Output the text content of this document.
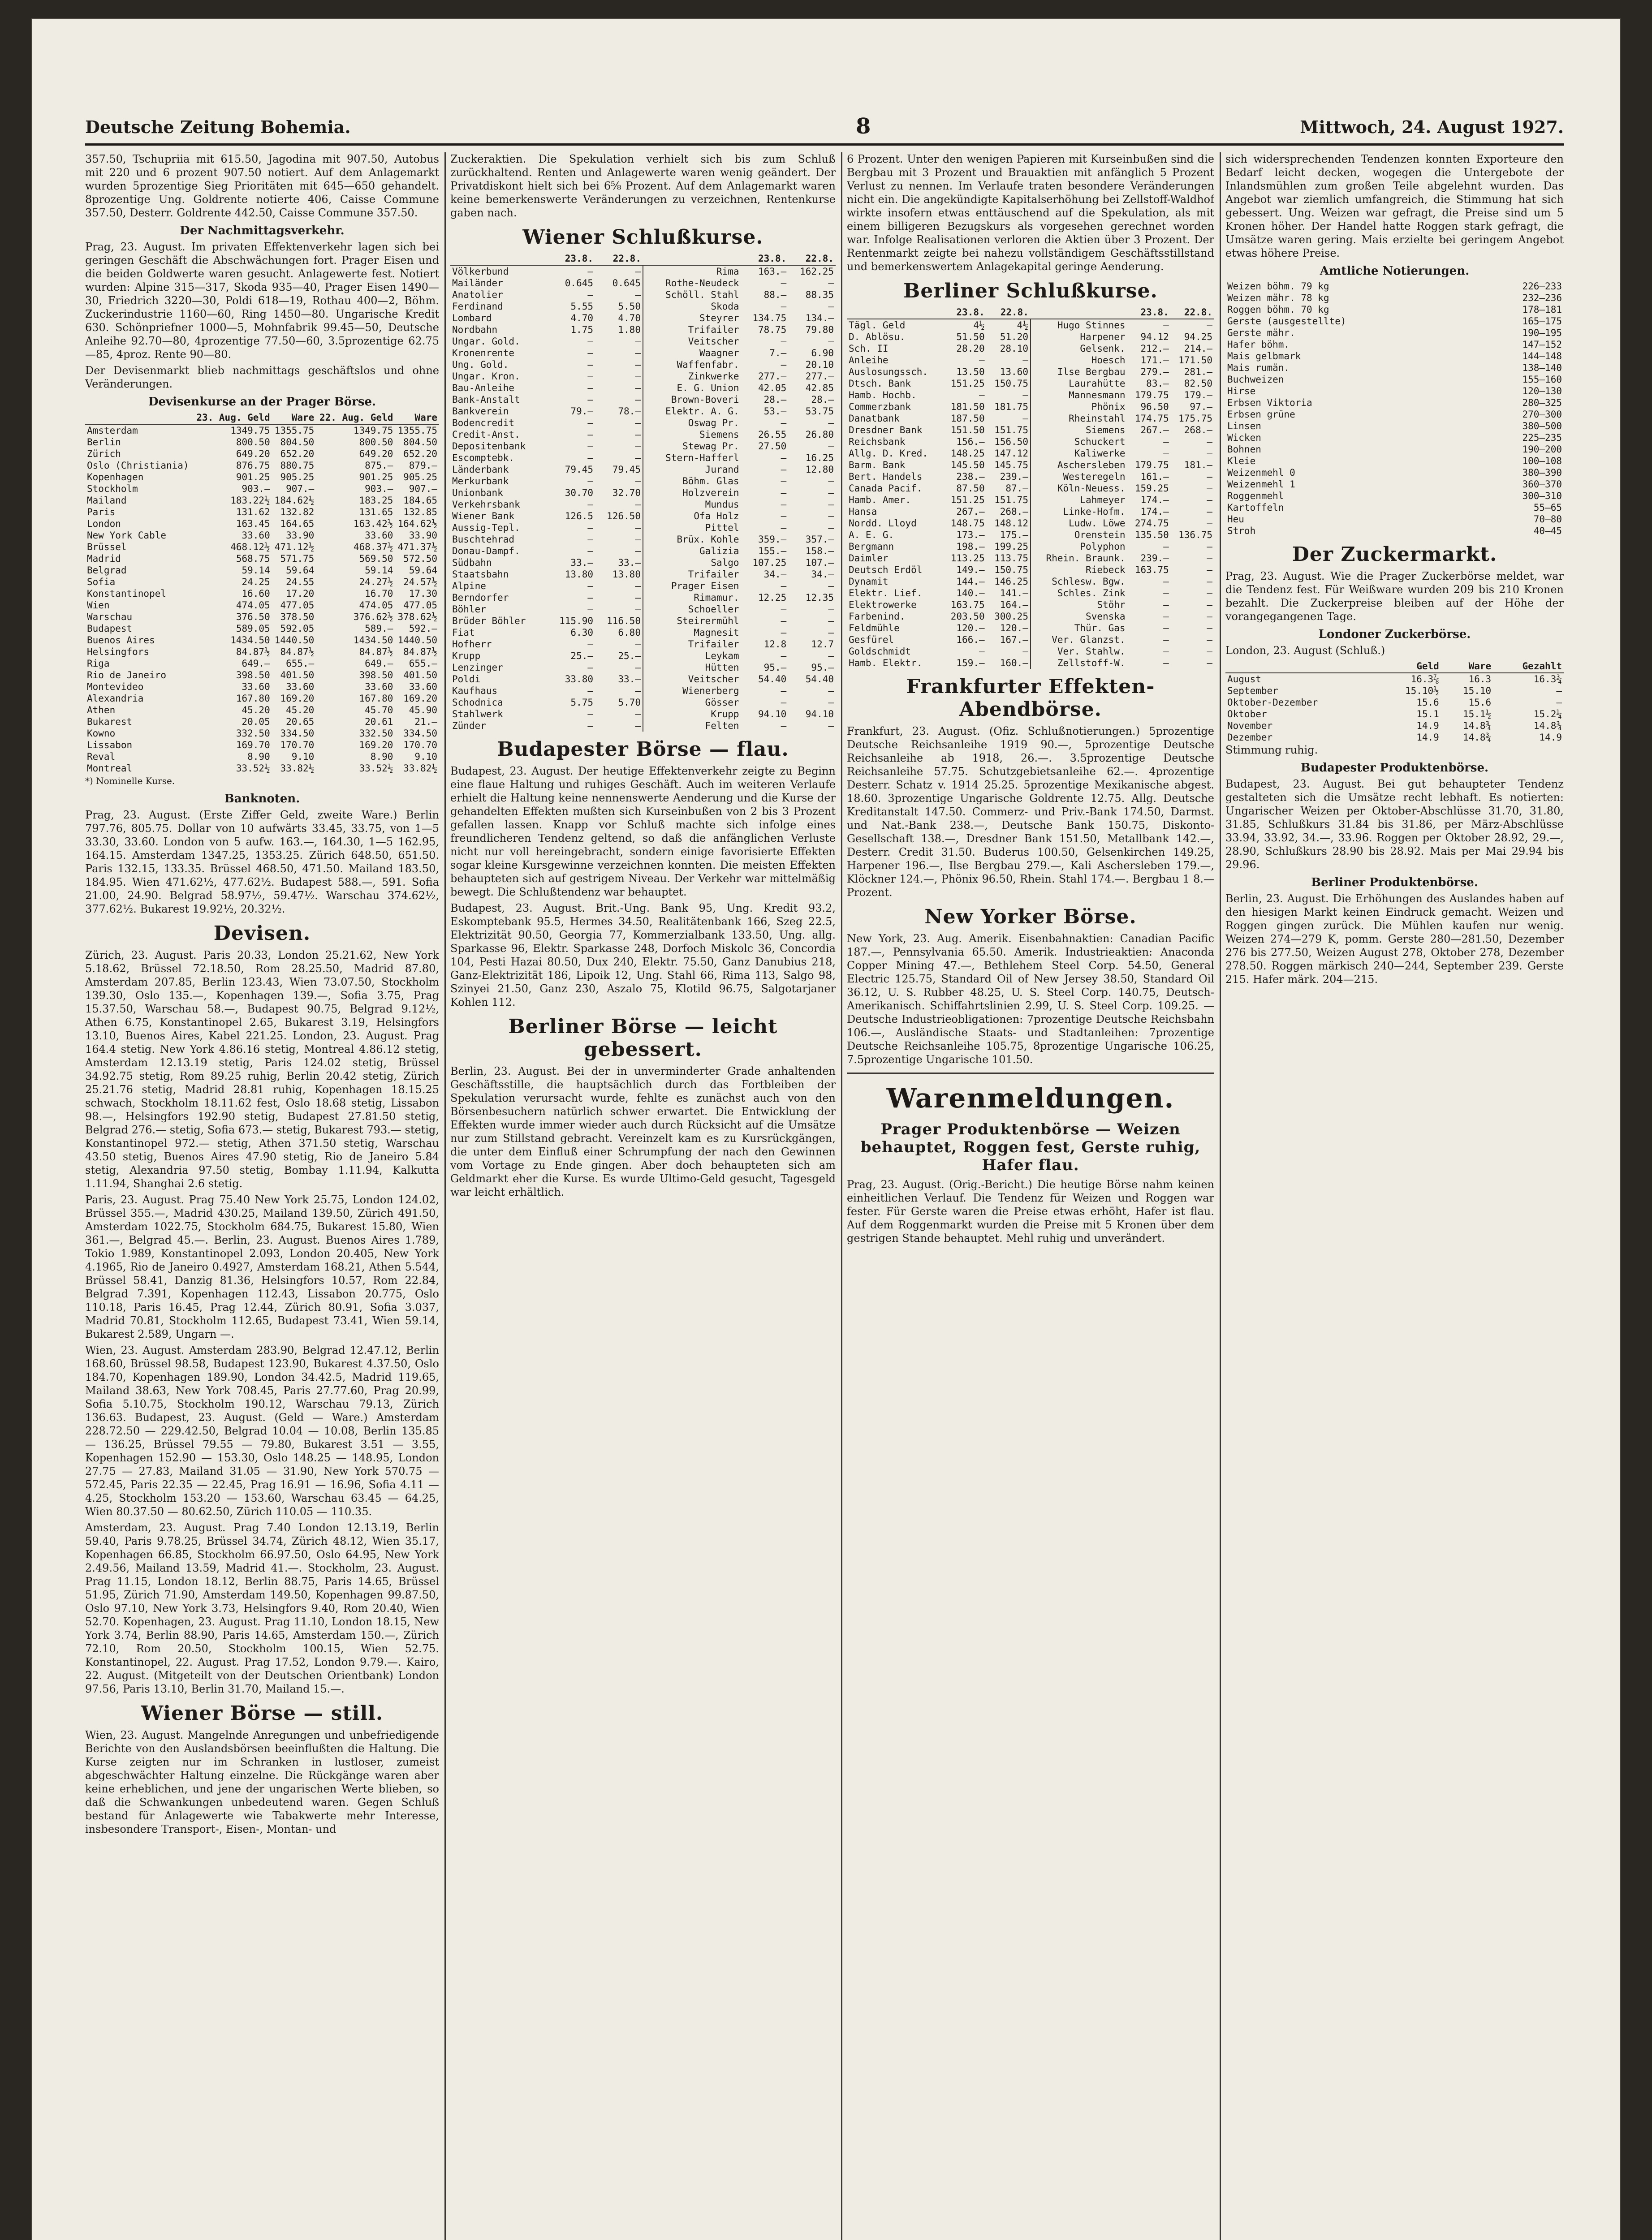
Deutsche Zeitung Bohemia.	8	Mittwoch, 24. August 1927.

357.50, Tschupriia mit 615.50, Jagodina mit 907.50, Autobus mit 220 und 6 prozent 907.50 notiert. Auf dem Anlagemarkt wurden 5prozentige Sieg Prioritäten mit 645—650 gehandelt. 8prozentige Ung. Goldrente notierte 406, Caisse Commune 357.50, Desterr. Goldrente 442.50, Caisse Commune 357.50.

Der Nachmittagsverkehr.

Prag, 23. August. Im privaten Effektenverkehr lagen sich bei geringen Geschäft die Abschwächungen fort. Prager Eisen und die beiden Goldwerte waren gesucht. Anlagewerte fest. Notiert wurden: Alpine 315—317, Skoda 935—40, Prager Eisen 1490—30, Friedrich 3220—30, Poldi 618—19, Rothau 400—2, Böhm. Zuckerindustrie 1160—60, Ring 1450—80. Ungarische Kredit 630. Schönpriefner 1000—5, Mohnfabrik 99.45—50, Deutsche Anleihe 92.70—80, 4prozentige 77.50—60, 3.5prozentige 62.75—85, 4proz. Rente 90—80.

Der Devisenmarkt blieb nachmittags geschäftslos und ohne Veränderungen.

Devisenkurse an der Prager Börse.
	23. Aug. Geld	Ware	22. Aug. Geld	Ware
Amsterdam	1349.75	1355.75	1349.75	1355.75
Berlin	800.50	804.50	800.50	804.50
Zürich	649.20	652.20	649.20	652.20
Oslo (Christiania)	876.75	880.75	875.—	879.—
Kopenhagen	901.25	905.25	901.25	905.25
Stockholm	903.—	907.—	903.—	907.—
Mailand	183.22½	184.62½	183.25	184.65
Paris	131.62	132.82	131.65	132.85
London	163.45	164.65	163.42½	164.62½
New York Cable	33.60	33.90	33.60	33.90
Brüssel	468.12½	471.12½	468.37½	471.37½
Madrid	568.75	571.75	569.50	572.50
Belgrad	59.14	59.64	59.14	59.64
Sofia	24.25	24.55	24.27½	24.57½
Konstantinopel	16.60	17.20	16.70	17.30
Wien	474.05	477.05	474.05	477.05
Warschau	376.50	378.50	376.62½	378.62½
Budapest	589.05	592.05	589.—	592.—
Buenos Aires	1434.50	1440.50	1434.50	1440.50
Helsingfors	84.87½	84.87½	84.87½	84.87½
Riga	649.—	655.—	649.—	655.—
Rio de Janeiro	398.50	401.50	398.50	401.50
Montevideo	33.60	33.60	33.60	33.60
Alexandria	167.80	169.20	167.80	169.20
Athen	45.20	45.20	45.70	45.90
Bukarest	20.05	20.65	20.61	21.—
Kowno	332.50	334.50	332.50	334.50
Lissabon	169.70	170.70	169.20	170.70
Reval	8.90	9.10	8.90	9.10
Montreal	33.52½	33.82½	33.52½	33.82½

*) Nominelle Kurse.

Banknoten.

Prag, 23. August. (Erste Ziffer Geld, zweite Ware.) Berlin 797.76, 805.75. Dollar von 10 aufwärts 33.45, 33.75, von 1—5 33.30, 33.60. London von 5 aufw. 163.—, 164.30, 1—5 162.95, 164.15. Amsterdam 1347.25, 1353.25. Zürich 648.50, 651.50. Paris 132.15, 133.35. Brüssel 468.50, 471.50. Mailand 183.50, 184.95. Wien 471.62½, 477.62½. Budapest 588.—, 591. Sofia 21.00, 24.90. Belgrad 58.97½, 59.47½. Warschau 374.62½, 377.62½. Bukarest 19.92½, 20.32½.

Devisen.

Zürich, 23. August. Paris 20.33, London 25.21.62, New York 5.18.62, Brüssel 72.18.50, Rom 28.25.50, Madrid 87.80, Amsterdam 207.85, Berlin 123.43, Wien 73.07.50, Stockholm 139.30, Oslo 135.—, Kopenhagen 139.—, Sofia 3.75, Prag 15.37.50, Warschau 58.—, Budapest 90.75, Belgrad 9.12½, Athen 6.75, Konstantinopel 2.65, Bukarest 3.19, Helsingfors 13.10, Buenos Aires, Kabel 221.25. London, 23. August. Prag 164.4 stetig. New York 4.86.16 stetig, Montreal 4.86.12 stetig, Amsterdam 12.13.19 stetig, Paris 124.02 stetig, Brüssel 34.92.75 stetig, Rom 89.25 ruhig, Berlin 20.42 stetig, Zürich 25.21.76 stetig, Madrid 28.81 ruhig, Kopenhagen 18.15.25 schwach, Stockholm 18.11.62 fest, Oslo 18.68 stetig, Lissabon 98.—, Helsingfors 192.90 stetig, Budapest 27.81.50 stetig, Belgrad 276.— stetig, Sofia 673.— stetig, Bukarest 793.— stetig, Konstantinopel 972.— stetig, Athen 371.50 stetig, Warschau 43.50 stetig, Buenos Aires 47.90 stetig, Rio de Janeiro 5.84 stetig, Alexandria 97.50 stetig, Bombay 1.11.94, Kalkutta 1.11.94, Shanghai 2.6 stetig.

Paris, 23. August. Prag 75.40 New York 25.75, London 124.02, Brüssel 355.—, Madrid 430.25, Mailand 139.50, Zürich 491.50, Amsterdam 1022.75, Stockholm 684.75, Bukarest 15.80, Wien 361.—, Belgrad 45.—. Berlin, 23. August. Buenos Aires 1.789, Tokio 1.989, Konstantinopel 2.093, London 20.405, New York 4.1965, Rio de Janeiro 0.4927, Amsterdam 168.21, Athen 5.544, Brüssel 58.41, Danzig 81.36, Helsingfors 10.57, Rom 22.84, Belgrad 7.391, Kopenhagen 112.43, Lissabon 20.775, Oslo 110.18, Paris 16.45, Prag 12.44, Zürich 80.91, Sofia 3.037, Madrid 70.81, Stockholm 112.65, Budapest 73.41, Wien 59.14, Bukarest 2.589, Ungarn —.

Wien, 23. August. Amsterdam 283.90, Belgrad 12.47.12, Berlin 168.60, Brüssel 98.58, Budapest 123.90, Bukarest 4.37.50, Oslo 184.70, Kopenhagen 189.90, London 34.42.5, Madrid 119.65, Mailand 38.63, New York 708.45, Paris 27.77.60, Prag 20.99, Sofia 5.10.75, Stockholm 190.12, Warschau 79.13, Zürich 136.63. Budapest, 23. August. (Geld — Ware.) Amsterdam 228.72.50 — 229.42.50, Belgrad 10.04 — 10.08, Berlin 135.85 — 136.25, Brüssel 79.55 — 79.80, Bukarest 3.51 — 3.55, Kopenhagen 152.90 — 153.30, Oslo 148.25 — 148.95, London 27.75 — 27.83, Mailand 31.05 — 31.90, New York 570.75 — 572.45, Paris 22.35 — 22.45, Prag 16.91 — 16.96, Sofia 4.11 — 4.25, Stockholm 153.20 — 153.60, Warschau 63.45 — 64.25, Wien 80.37.50 — 80.62.50, Zürich 110.05 — 110.35.

Amsterdam, 23. August. Prag 7.40 London 12.13.19, Berlin 59.40, Paris 9.78.25, Brüssel 34.74, Zürich 48.12, Wien 35.17, Kopenhagen 66.85, Stockholm 66.97.50, Oslo 64.95, New York 2.49.56, Mailand 13.59, Madrid 41.—. Stockholm, 23. August. Prag 11.15, London 18.12, Berlin 88.75, Paris 14.65, Brüssel 51.95, Zürich 71.90, Amsterdam 149.50, Kopenhagen 99.87.50, Oslo 97.10, New York 3.73, Helsingfors 9.40, Rom 20.40, Wien 52.70. Kopenhagen, 23. August. Prag 11.10, London 18.15, New York 3.74, Berlin 88.90, Paris 14.65, Amsterdam 150.—, Zürich 72.10, Rom 20.50, Stockholm 100.15, Wien 52.75. Konstantinopel, 22. August. Prag 17.52, London 9.79.—. Kairo, 22. August. (Mitgeteilt von der Deutschen Orientbank) London 97.56, Paris 13.10, Berlin 31.70, Mailand 15.—.

Wiener Börse — still.

Wien, 23. August. Mangelnde Anregungen und unbefriedigende Berichte von den Auslandsbörsen beeinflußten die Haltung. Die Kurse zeigten nur im Schranken in lustloser, zumeist abgeschwächter Haltung einzelne. Die Rückgänge waren aber keine erheblichen, und jene der ungarischen Werte blieben, so daß die Schwankungen unbedeutend waren. Gegen Schluß bestand für Anlagewerte wie Tabakwerte mehr Interesse, insbesondere Transport-, Eisen-, Montan- und

Zuckeraktien. Die Spekulation verhielt sich bis zum Schluß zurückhaltend. Renten und Anlagewerte waren wenig geändert. Der Privatdiskont hielt sich bei 6⅝ Prozent. Auf dem Anlagemarkt waren keine bemerkenswerte Veränderungen zu verzeichnen, Rentenkurse gaben nach.

Wiener Schlußkurse.
	23.8.	22.8.		23.8.	22.8.
Völkerbund	—	—	Rima	163.—	162.25
Mailänder	0.645	0.645	Rothe-Neudeck	—	—
Anatolier	—	—	Schöll. Stahl	88.—	88.35
Ferdinand	5.55	5.50	Skoda	—	—
Lombard	4.70	4.70	Steyrer	134.75	134.—
Nordbahn	1.75	1.80	Trifailer	78.75	79.80
Ungar. Gold.	—	—	Veitscher	—	—
Kronenrente	—	—	Waagner	7.—	6.90
Ung. Gold.	—	—	Waffenfabr.	—	20.10
Ungar. Kron.	—	—	Zinkwerke	277.—	277.—
Bau-Anleihe	—	—	E. G. Union	42.05	42.85
Bank-Anstalt	—	—	Brown-Boveri	28.—	28.—
Bankverein	79.—	78.—	Elektr. A. G.	53.—	53.75
Bodencredit	—	—	Oswag Pr.	—	—
Credit-Anst.	—	—	Siemens	26.55	26.80
Depositenbank	—	—	Stewag Pr.	27.50	—
Escomptebk.	—	—	Stern-Hafferl	—	16.25
Länderbank	79.45	79.45	Jurand	—	12.80
Merkurbank	—	—	Böhm. Glas	—	—
Unionbank	30.70	32.70	Holzverein	—	—
Verkehrsbank	—	—	Mundus	—	—
Wiener Bank	126.5	126.50	Ofa Holz	—	—
Aussig-Tepl.	—	—	Pittel	—	—
Buschtehrad	—	—	Brüx. Kohle	359.—	357.—
Donau-Dampf.	—	—	Galizia	155.—	158.—
Südbahn	33.—	33.—	Salgo	107.25	107.—
Staatsbahn	13.80	13.80	Trifailer	34.—	34.—
Alpine	—	—	Prager Eisen	—	—
Berndorfer	—	—	Rimamur.	12.25	12.35
Böhler	—	—	Schoeller	—	—
Brüder Böhler	115.90	116.50	Steirermühl	—	—
Fiat	6.30	6.80	Magnesit	—	—
Hofherr	—	—	Trifailer	12.8	12.7
Krupp	25.—	25.—	Leykam	—	—
Lenzinger	—	—	Hütten	95.—	95.—
Poldi	33.80	33.—	Veitscher	54.40	54.40
Kaufhaus	—	—	Wienerberg	—	—
Schodnica	5.75	5.70	Gösser	—	—
Stahlwerk	—	—	Krupp	94.10	94.10
Zünder	—	—	Felten	—	—
Budapester Börse — flau.

Budapest, 23. August. Der heutige Effektenverkehr zeigte zu Beginn eine flaue Haltung und ruhiges Geschäft. Auch im weiteren Verlaufe erhielt die Haltung keine nennenswerte Aenderung und die Kurse der gehandelten Effekten mußten sich Kurseinbußen von 2 bis 3 Prozent gefallen lassen. Knapp vor Schluß machte sich infolge eines freundlicheren Tendenz geltend, so daß die anfänglichen Verluste nicht nur voll hereingebracht, sondern einige favorisierte Effekten sogar kleine Kursgewinne verzeichnen konnten. Die meisten Effekten behaupteten sich auf gestrigem Niveau. Der Verkehr war mittelmäßig bewegt. Die Schlußtendenz war behauptet.

Budapest, 23. August. Brit.-Ung. Bank 95, Ung. Kredit 93.2, Eskomptebank 95.5, Hermes 34.50, Realitätenbank 166, Szeg 22.5, Elektrizität 90.50, Georgia 77, Kommerzialbank 133.50, Ung. allg. Sparkasse 96, Elektr. Sparkasse 248, Dorfoch Miskolc 36, Concordia 104, Pesti Hazai 80.50, Dux 240, Elektr. 75.50, Ganz Danubius 218, Ganz-Elektrizität 186, Lipoik 12, Ung. Stahl 66, Rima 113, Salgo 98, Szinyei 21.50, Ganz 230, Aszalo 75, Klotild 96.75, Salgotarjaner Kohlen 112.

Berliner Börse — leicht gebessert.

Berlin, 23. August. Bei der in unverminderter Grade anhaltenden Geschäftsstille, die hauptsächlich durch das Fortbleiben der Spekulation verursacht wurde, fehlte es zunächst auch von den Börsenbesuchern natürlich schwer erwartet. Die Entwicklung der Effekten wurde immer wieder auch durch Rücksicht auf die Umsätze nur zum Stillstand gebracht. Vereinzelt kam es zu Kursrückgängen, die unter dem Einfluß einer Schrumpfung der nach den Gewinnen vom Vortage zu Ende gingen. Aber doch behaupteten sich am Geldmarkt eher die Kurse. Es wurde Ultimo-Geld gesucht, Tagesgeld war leicht erhältlich.

6 Prozent. Unter den wenigen Papieren mit Kurseinbußen sind die Bergbau mit 3 Prozent und Brauaktien mit anfänglich 5 Prozent Verlust zu nennen. Im Verlaufe traten besondere Veränderungen nicht ein. Die angekündigte Kapitalserhöhung bei Zellstoff-Waldhof wirkte insofern etwas enttäuschend auf die Spekulation, als mit einem billigeren Bezugskurs als vorgesehen gerechnet worden war. Infolge Realisationen verloren die Aktien über 3 Prozent. Der Rentenmarkt zeigte bei nahezu vollständigem Geschäftsstillstand und bemerkenswertem Anlagekapital geringe Aenderung.

Berliner Schlußkurse.
	23.8.	22.8.		23.8.	22.8.
Tägl. Geld	4½	4½	Hugo Stinnes	—	—
D. Ablösu.	51.50	51.20	Harpener	94.12	94.25
Sch. II	28.20	28.10	Gelsenk.	212.—	214.—
Anleihe	—	—	Hoesch	171.—	171.50
Auslosungssch.	13.50	13.60	Ilse Bergbau	279.—	281.—
Dtsch. Bank	151.25	150.75	Laurahütte	83.—	82.50
Hamb. Hochb.	—	—	Mannesmann	179.75	179.—
Commerzbank	181.50	181.75	Phönix	96.50	97.—
Danatbank	187.50	—	Rheinstahl	174.75	175.75
Dresdner Bank	151.50	151.75	Siemens	267.—	268.—
Reichsbank	156.—	156.50	Schuckert	—	—
Allg. D. Kred.	148.25	147.12	Kaliwerke	—	—
Barm. Bank	145.50	145.75	Aschersleben	179.75	181.—
Bert. Handels	238.—	239.—	Westeregeln	161.—	—
Canada Pacif.	87.50	87.—	Köln-Neuess.	159.25	—
Hamb. Amer.	151.25	151.75	Lahmeyer	174.—	—
Hansa	267.—	268.—	Linke-Hofm.	174.—	—
Nordd. Lloyd	148.75	148.12	Ludw. Löwe	274.75	—
A. E. G.	173.—	175.—	Orenstein	135.50	136.75
Bergmann	198.—	199.25	Polyphon	—	—
Daimler	113.25	113.75	Rhein. Braunk.	239.—	—
Deutsch Erdöl	149.—	150.75	Riebeck	163.75	—
Dynamit	144.—	146.25	Schlesw. Bgw.	—	—
Elektr. Lief.	140.—	141.—	Schles. Zink	—	—
Elektrowerke	163.75	164.—	Stöhr	—	—
Farbenind.	203.50	300.25	Svenska	—	—
Feldmühle	120.—	120.—	Thür. Gas	—	—
Gesfürel	166.—	167.—	Ver. Glanzst.	—	—
Goldschmidt	—	—	Ver. Stahlw.	—	—
Hamb. Elektr.	159.—	160.—	Zellstoff-W.	—	—
Frankfurter Effekten-Abendbörse.

Frankfurt, 23. August. (Ofiz. Schlußnotierungen.) 5prozentige Deutsche Reichsanleihe 1919 90.—, 5prozentige Deutsche Reichsanleihe ab 1918, 26.—. 3.5prozentige Deutsche Reichsanleihe 57.75. Schutzgebietsanleihe 62.—. 4prozentige Desterr. Schatz v. 1914 25.25. 5prozentige Mexikanische abgest. 18.60. 3prozentige Ungarische Goldrente 12.75. Allg. Deutsche Kreditanstalt 147.50. Commerz- und Priv.-Bank 174.50, Darmst. und Nat.-Bank 238.—, Deutsche Bank 150.75, Diskonto-Gesellschaft 138.—, Dresdner Bank 151.50, Metallbank 142.—, Desterr. Credit 31.50. Buderus 100.50, Gelsenkirchen 149.25, Harpener 196.—, Ilse Bergbau 279.—, Kali Aschersleben 179.—, Klöckner 124.—, Phönix 96.50, Rhein. Stahl 174.—. Bergbau 1 8.— Prozent.

New Yorker Börse.

New York, 23. Aug. Amerik. Eisenbahnaktien: Canadian Pacific 187.—, Pennsylvania 65.50. Amerik. Industrieaktien: Anaconda Copper Mining 47.—, Bethlehem Steel Corp. 54.50, General Electric 125.75, Standard Oil of New Jersey 38.50, Standard Oil 36.12, U. S. Rubber 48.25, U. S. Steel Corp. 140.75, Deutsch-Amerikanisch. Schiffahrtslinien 2.99, U. S. Steel Corp. 109.25. — Deutsche Industrieobligationen: 7prozentige Deutsche Reichsbahn 106.—, Ausländische Staats- und Stadtanleihen: 7prozentige Deutsche Reichsanleihe 105.75, 8prozentige Ungarische 106.25, 7.5prozentige Ungarische 101.50.

Warenmeldungen.
Prager Produktenbörse — Weizen behauptet, Roggen fest, Gerste ruhig, Hafer flau.

Prag, 23. August. (Orig.-Bericht.) Die heutige Börse nahm keinen einheitlichen Verlauf. Die Tendenz für Weizen und Roggen war fester. Für Gerste waren die Preise etwas erhöht, Hafer ist flau. Auf dem Roggenmarkt wurden die Preise mit 5 Kronen über dem gestrigen Stande behauptet. Mehl ruhig und unverändert.

sich widersprechenden Tendenzen konnten Exporteure den Bedarf leicht decken, wogegen die Untergebote der Inlandsmühlen zum großen Teile abgelehnt wurden. Das Angebot war ziemlich umfangreich, die Stimmung hat sich gebessert. Ung. Weizen war gefragt, die Preise sind um 5 Kronen höher. Der Handel hatte Roggen stark gefragt, die Umsätze waren gering. Mais erzielte bei geringem Angebot etwas höhere Preise.

Amtliche Notierungen.
Weizen böhm. 79 kg	226—233
Weizen mähr. 78 kg	232—236
Roggen böhm. 70 kg	178—181
Gerste (ausgestellte)	165—175
Gerste mähr.	190—195
Hafer böhm.	147—152
Mais gelbmark	144—148
Mais rumän.	138—140
Buchweizen	155—160
Hirse	120—130
Erbsen Viktoria	280—325
Erbsen grüne	270—300
Linsen	380—500
Wicken	225—235
Bohnen	190—200
Kleie	100—108
Weizenmehl 0	380—390
Weizenmehl 1	360—370
Roggenmehl	300—310
Kartoffeln	55—65
Heu	70—80
Stroh	40—45
Der Zuckermarkt.

Prag, 23. August. Wie die Prager Zuckerbörse meldet, war die Tendenz fest. Für Weißware wurden 209 bis 210 Kronen bezahlt. Die Zuckerpreise bleiben auf der Höhe der vorangegangenen Tage.

Londoner Zuckerbörse.

London, 23. August (Schluß.)

	Geld	Ware	Gezahlt
August	16.3⅞	16.3	16.3¾
September	15.10½	15.10	—
Oktober-Dezember	15.6	15.6	—
Oktober	15.1	15.1½	15.2¼
November	14.9	14.8¾	14.8¾
Dezember	14.9	14.8¾	14.9

Stimmung ruhig.

Budapester Produktenbörse.

Budapest, 23. August. Bei gut behaupteter Tendenz gestalteten sich die Umsätze recht lebhaft. Es notierten: Ungarischer Weizen per Oktober-Abschlüsse 31.70, 31.80, 31.85, Schlußkurs 31.84 bis 31.86, per März-Abschlüsse 33.94, 33.92, 34.—, 33.96. Roggen per Oktober 28.92, 29.—, 28.90, Schlußkurs 28.90 bis 28.92. Mais per Mai 29.94 bis 29.96.

Berliner Produktenbörse.

Berlin, 23. August. Die Erhöhungen des Auslandes haben auf den hiesigen Markt keinen Eindruck gemacht. Weizen und Roggen gingen zurück. Die Mühlen kaufen nur wenig. Weizen 274—279 K, pomm. Gerste 280—281.50, Dezember 276 bis 277.50, Weizen August 278, Oktober 278, Dezember 278.50. Roggen märkisch 240—244, September 239. Gerste 215. Hafer märk. 204—215.
